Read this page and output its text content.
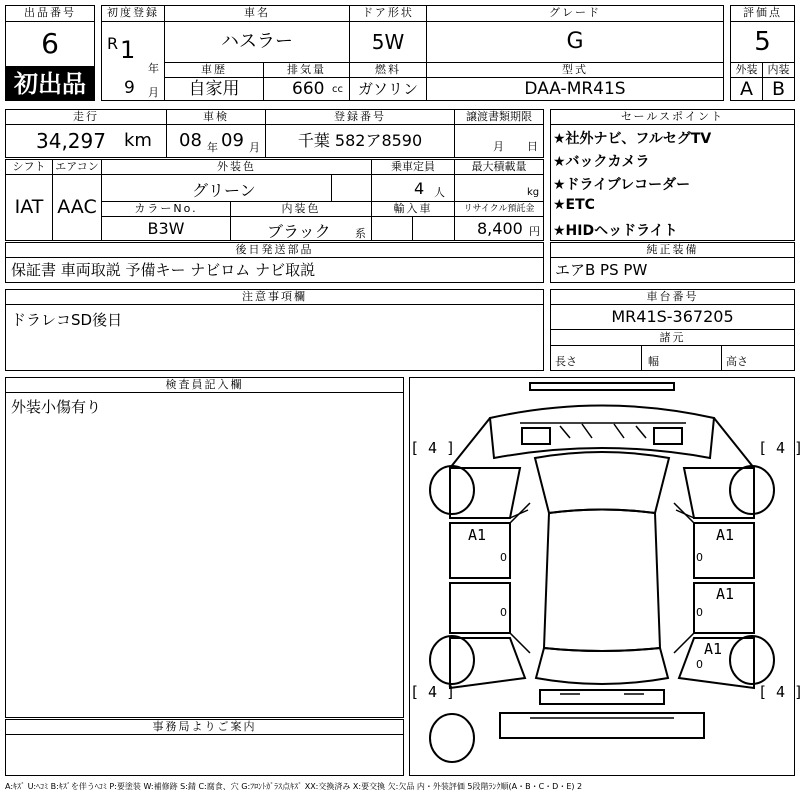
出品番号
6
初出品
初度登録
R 1
年
9 月
車名
ハスラー
ドア形状
5W
グレード
G
車歴
自家用
排気量
660 cc
燃料
ガソリン
型式
DAA-MR41S
評価点
5
外装 内装
A B
走行
34,297 km
車検
08 年 09 月
登録番号
千葉 582ア8590
譲渡書類期限
月 日
シフト
IAT
エアコン
AAC
外装色
グリーン
乗車定員
4 人
最大積載量
kg
カラーNo.
B3W
内装色
ブラック 系
輸入車	リサイクル預託金
8,400 円
セールスポイント
★社外ナビ、フルセグTV
★バックカメラ
★ドライブレコーダー
★ETC
★HIDヘッドライト
後日発送部品
保証書 車両取説 予備キー ナビロム ナビ取説
純正装備
エアB PS PW
注意事項欄
ドラレコSD後日
車台番号
MR41S-367205
諸元
長さ	幅	高さ
検査員記入欄
外装小傷有り
事務局よりご案内
[ 4 ]	[ 4 ]
[ 4 ]	[ 4 ]
A1	A1
A1
A1
0
0
0
0
0
A:ｷｽﾞ U:ﾍｺﾐ B:ｷｽﾞを伴うﾍｺﾐ P:要塗装 W:補修跡 S:錆 C:腐食、穴 G:ﾌﾛﾝﾄｶﾞﾗｽ点ｷｽﾞ XX:交換済み X:要交換 欠:欠品 内・外装評価 5段階ﾗﾝｸ順(A・B・C・D・E) 2
